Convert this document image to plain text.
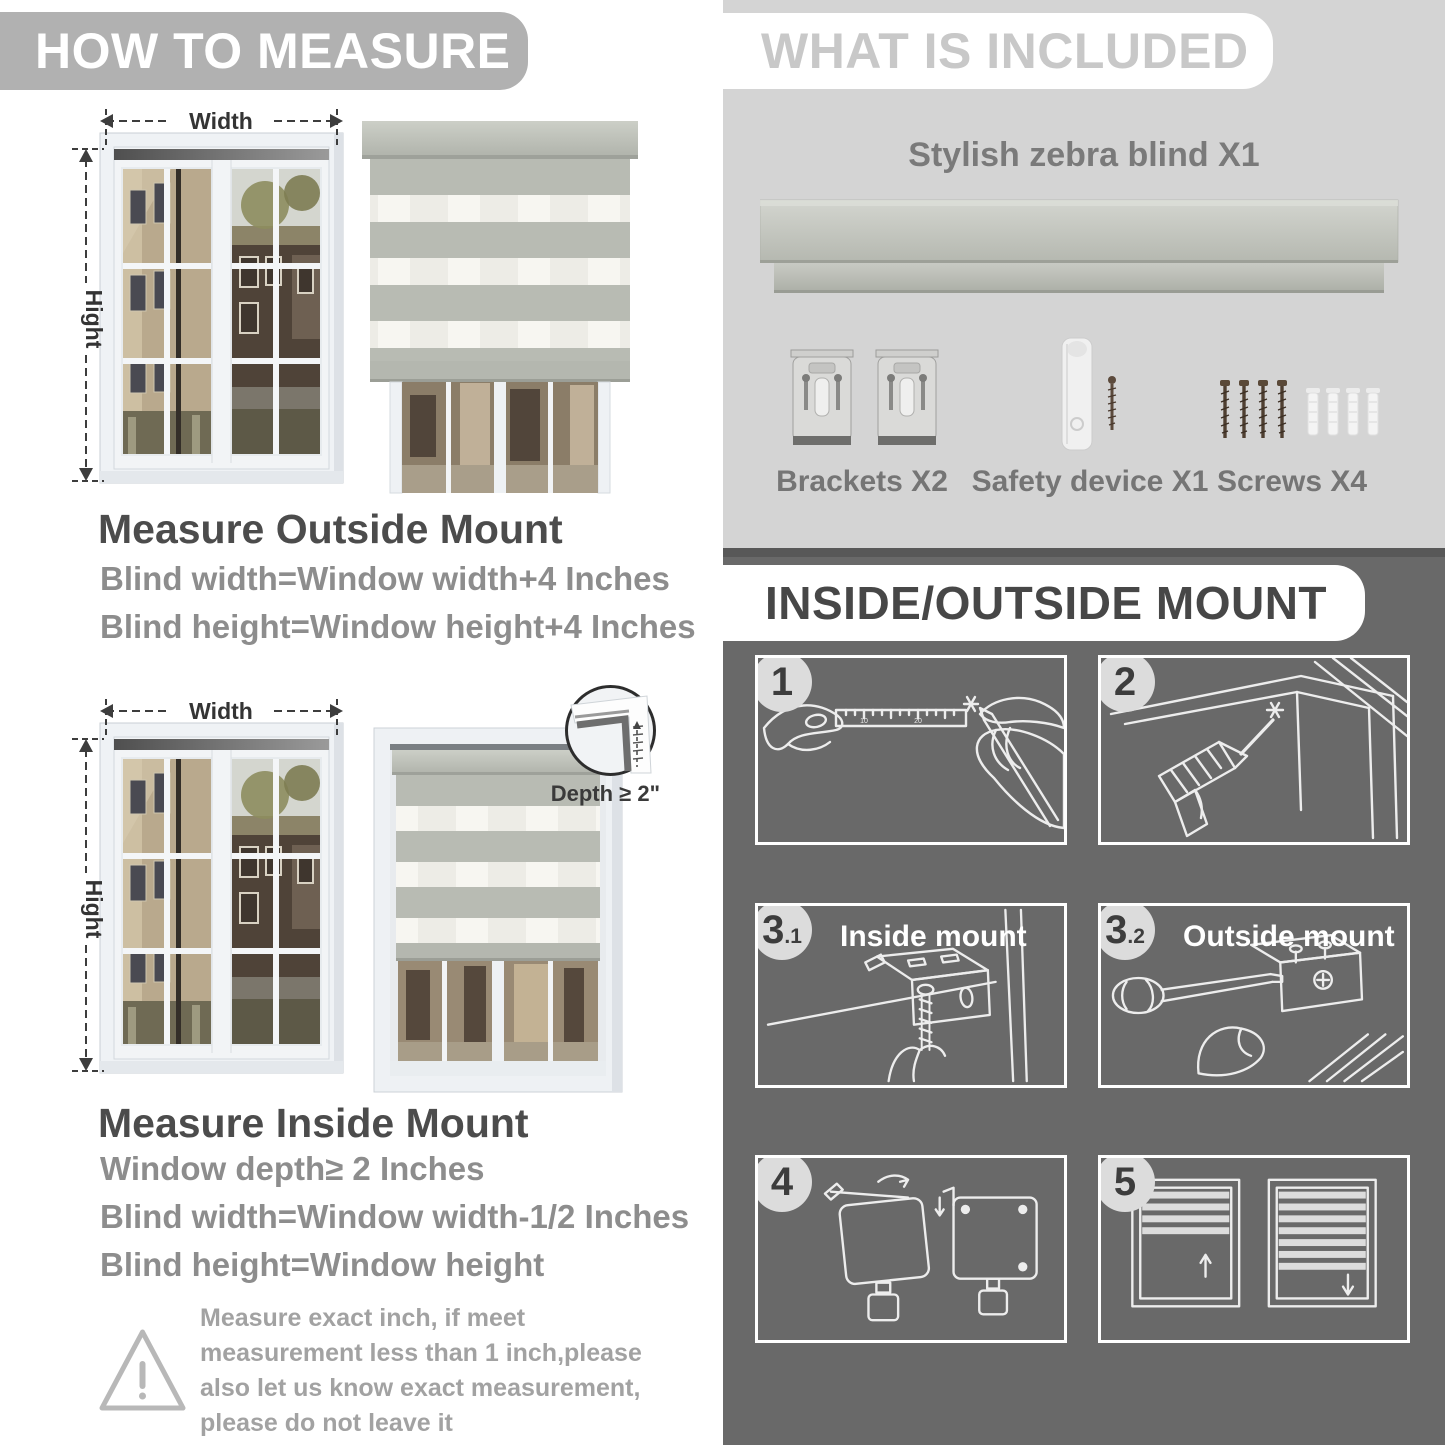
HOW TO MEASURE
Measure Outside Mount
Blind width=Window width+4 Inches
Blind height=Window height+4 Inches
Depth ≥ 2"
Measure Inside Mount
Window depth≥ 2 Inches
Blind width=Window width-1/2 Inches
Blind height=Window height
Measure exact inch, if meet measurement less than 1 inch,please also let us know exact measurement, please do not leave it
WHAT IS INCLUDED
Stylish zebra blind X1
Brackets X2 Safety device X1 Screws X4
INSIDE/OUTSIDE MOUNT
1
10	20
2
3 .1 Inside mount 3 .2 Outside mount
4	5
